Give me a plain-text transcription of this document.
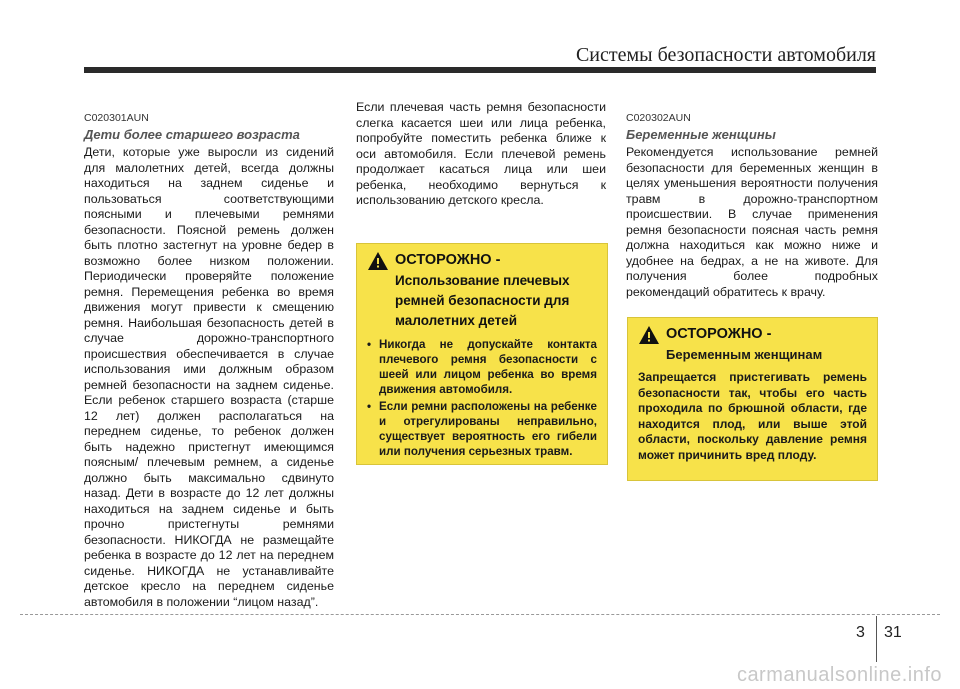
Системы безопасности автомобиля

C020301AUN

Дети более старшего возраста

Дети, которые уже выросли из сидений для малолетних детей, всегда должны находиться на заднем сиденье и пользоваться соответствующими поясными и плечевыми ремнями безопасности. Поясной ремень должен быть плотно застегнут на уровне бедер в возможно более низком положении. Периодически проверяйте положение ремня. Перемещения ребенка во время движения могут привести к смещению ремня. Наибольшая безопасность детей в случае дорожно-транспортного происшествия обеспечивается в случае использования ими должным образом ремней безопасности на заднем сиденье. Если ребенок старшего возраста (старше 12 лет) должен располагаться на переднем сиденье, то ребенок должен быть надежно пристегнут имеющимся поясным/ плечевым ремнем, а сиденье должно быть максимально сдвинуто назад. Дети в возрасте до 12 лет должны находиться на заднем сиденье и быть прочно пристегнуты ремнями безопасности. НИКОГДА не размещайте ребенка в возрасте до 12 лет на переднем сиденье. НИКОГДА не устанавливайте детское кресло на переднем сиденье автомобиля в положении “лицом назад”.

Если плечевая часть ремня безопасности слегка касается шеи или лица ребенка, попробуйте поместить ребенка ближе к оси автомобиля. Если плечевой ремень продолжает касаться лица или шеи ребенка, необходимо вернуться к использованию детского кресла.

ОСТОРОЖНО -
Использование плечевых
ремней безопасности для
малолетних детей
• Никогда не допускайте контакта плечевого ремня безопасности с шеей или лицом ребенка во время движения автомобиля.
• Если ремни расположены на ребенке и отрегулированы неправильно, существует вероятность его гибели или получения серьезных травм.

C020302AUN

Беременные женщины

Рекомендуется использование ремней безопасности для беременных женщин в целях уменьшения вероятности получения травм в дорожно-транспортном происшествии. В случае применения ремня безопасности поясная часть ремня должна находиться как можно ниже и удобнее на бедрах, а не на животе. Для получения более подробных рекомендаций обратитесь к врачу.

ОСТОРОЖНО -
Беременным женщинам

Запрещается пристегивать ремень безопасности так, чтобы его часть проходила по брюшной области, где находится плод, или выше этой области, поскольку давление ремня может причинить вред плоду.

3 31
carmanualsonline.info
